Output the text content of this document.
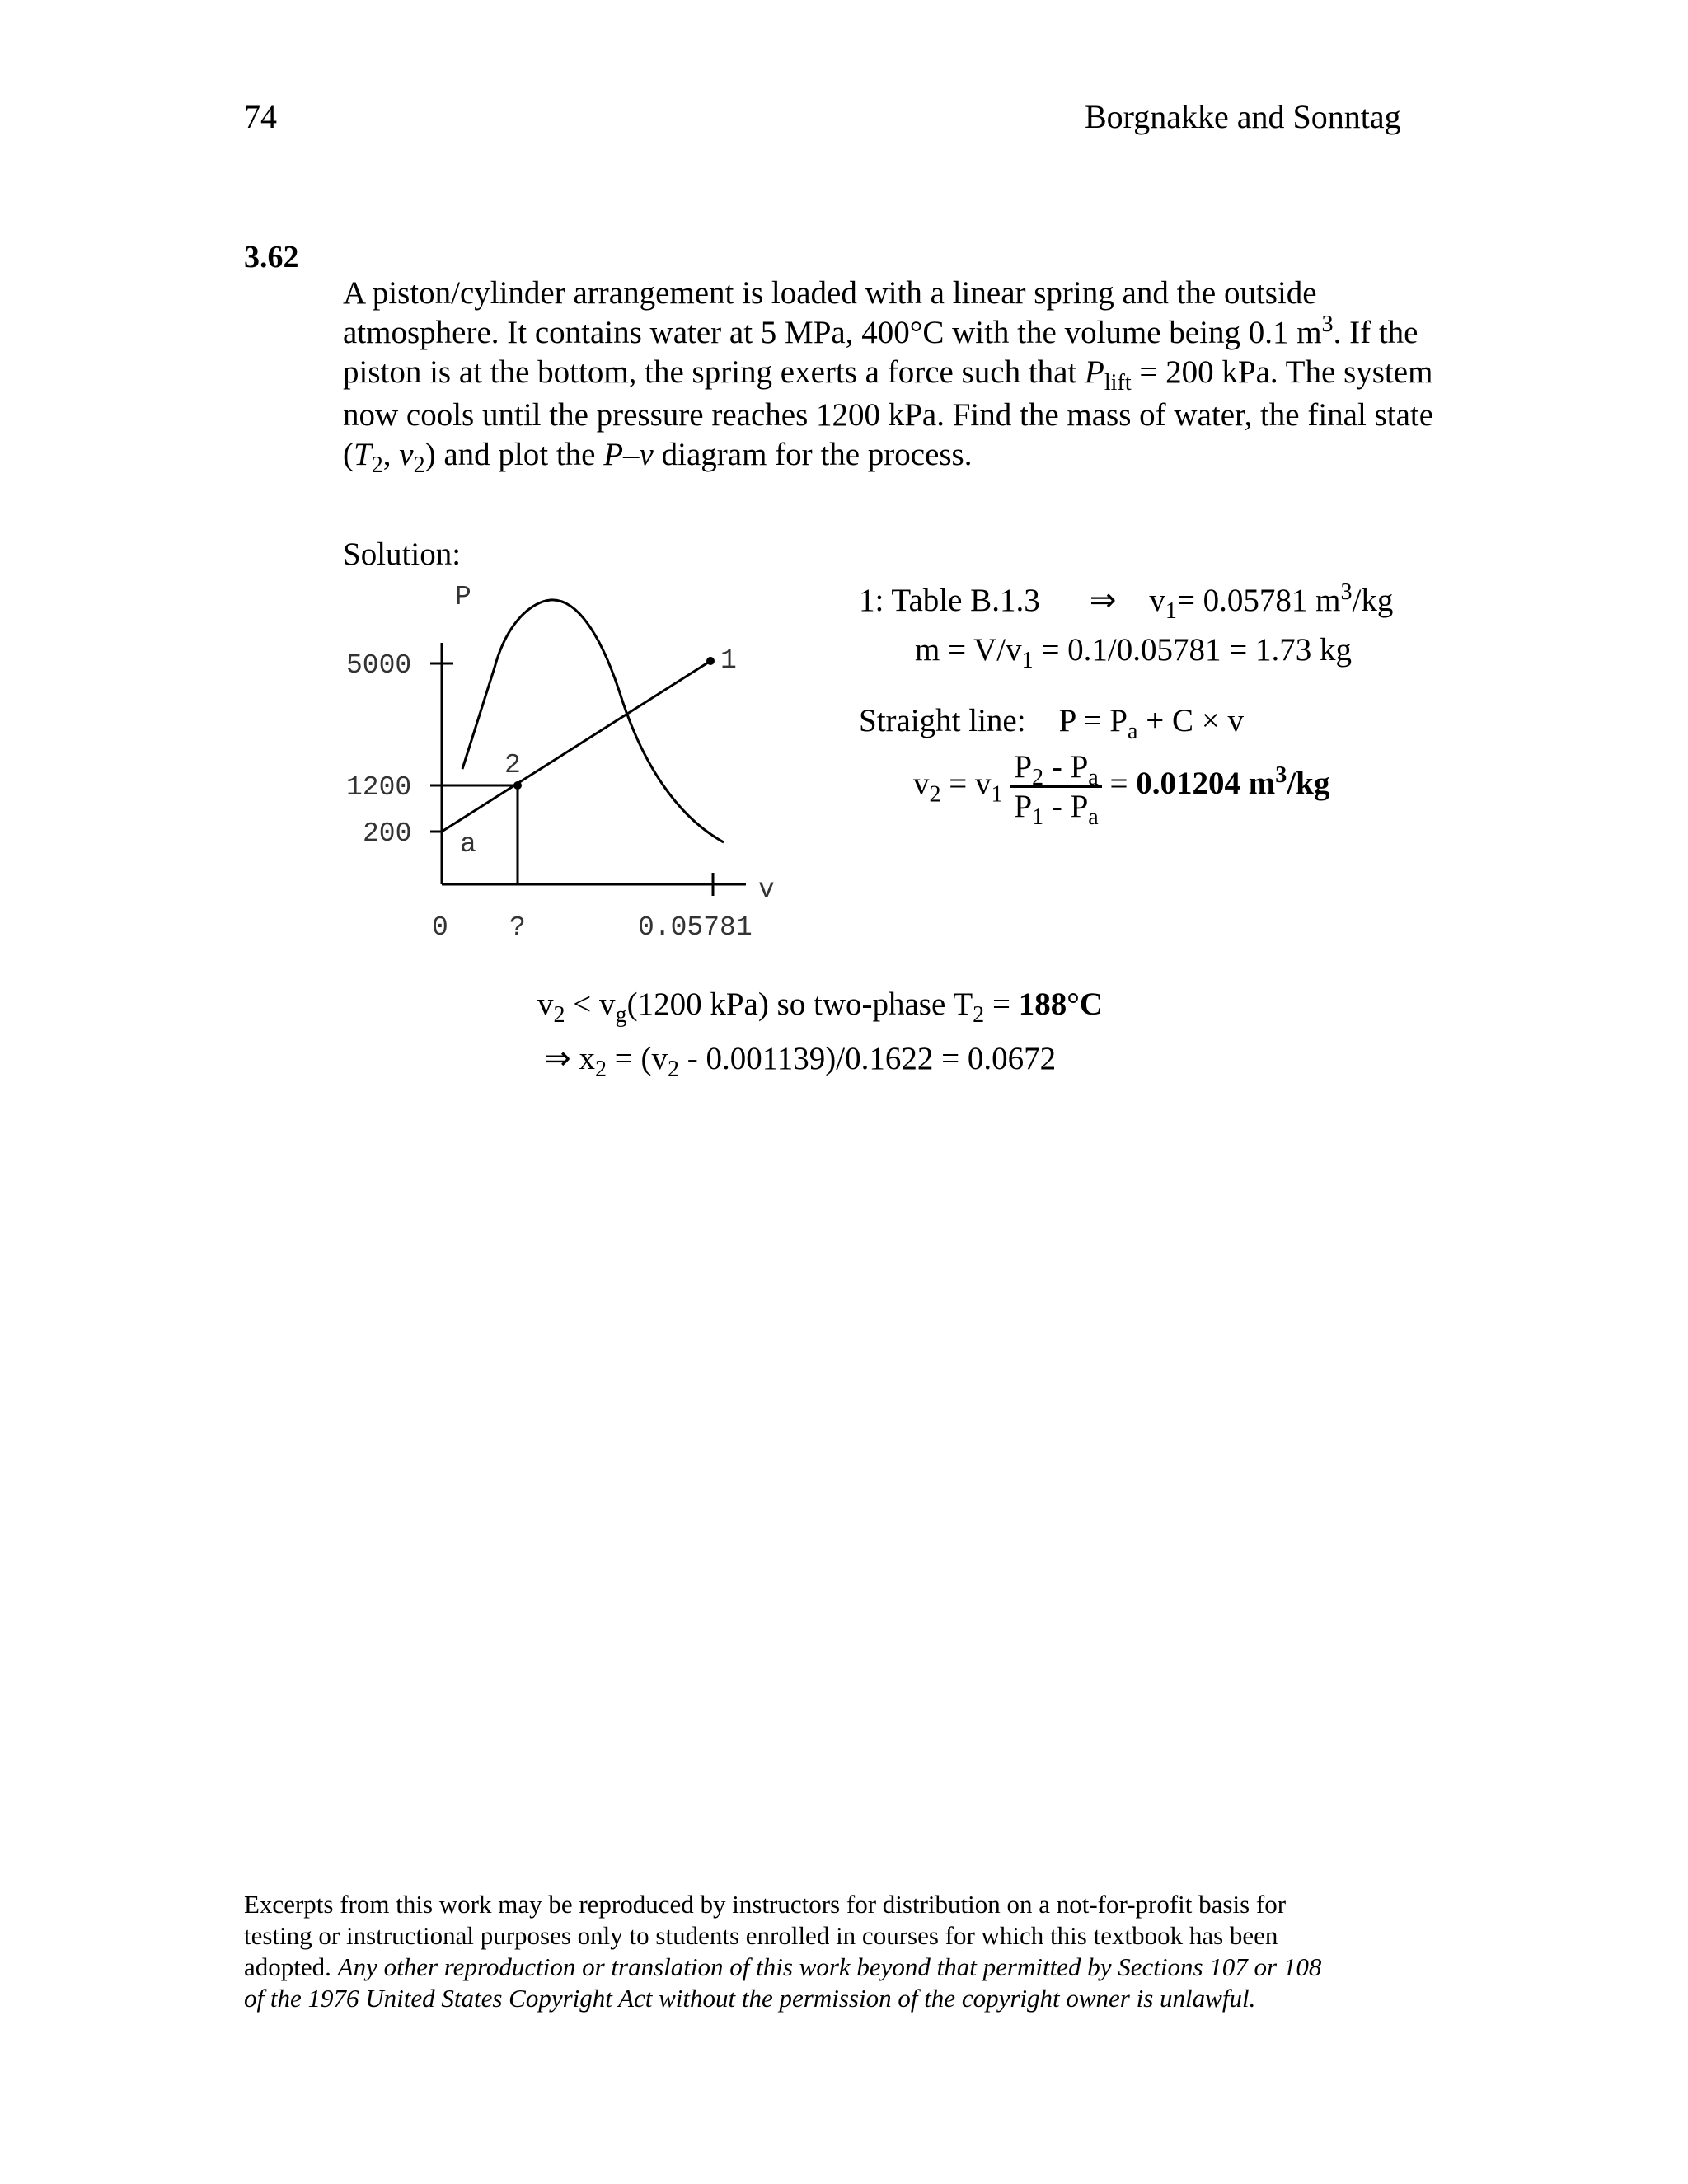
74	Borgnakke and Sonntag
3.62
A piston/cylinder arrangement is loaded with a linear spring and the outside
atmosphere. It contains water at 5 MPa, 400°C with the volume being 0.1 $m^3$. If the
piston is at the bottom, the spring exerts a force such that $P_{lift} = 200$ kPa. The system
now cools until the pressure reaches 1200 kPa. Find the mass of water, the final state
($T_2$, $v_2$) and plot the P–v diagram for the process.
Solution:
P
v
5000
1200
200
1
2
a
0 ?	0.05781
1: Table B.1.3 ⇒ $v_1= 0.05781$ $m^3/kg$
$m = V/v_1 = 0.1/0.05781 = 1.73$ kg
Straight line: $P = P_a + C \times v$
$v_2 = v_1 \frac{P_2 - P_a}{P_1 - P_a} = 0.01204$ $m^3/kg$
$v_2 < v_g(1200$ kPa) so two-phase $T_2 = 188^\circ C$
⇒ $x_2 = (v_2 - 0.001139)/0.1622 = 0.0672$
Excerpts from this work may be reproduced by instructors for distribution on a not-for-profit basis for
testing or instructional purposes only to students enrolled in courses for which this textbook has been
adopted. Any other reproduction or translation of this work beyond that permitted by Sections 107 or 108
of the 1976 United States Copyright Act without the permission of the copyright owner is unlawful.
